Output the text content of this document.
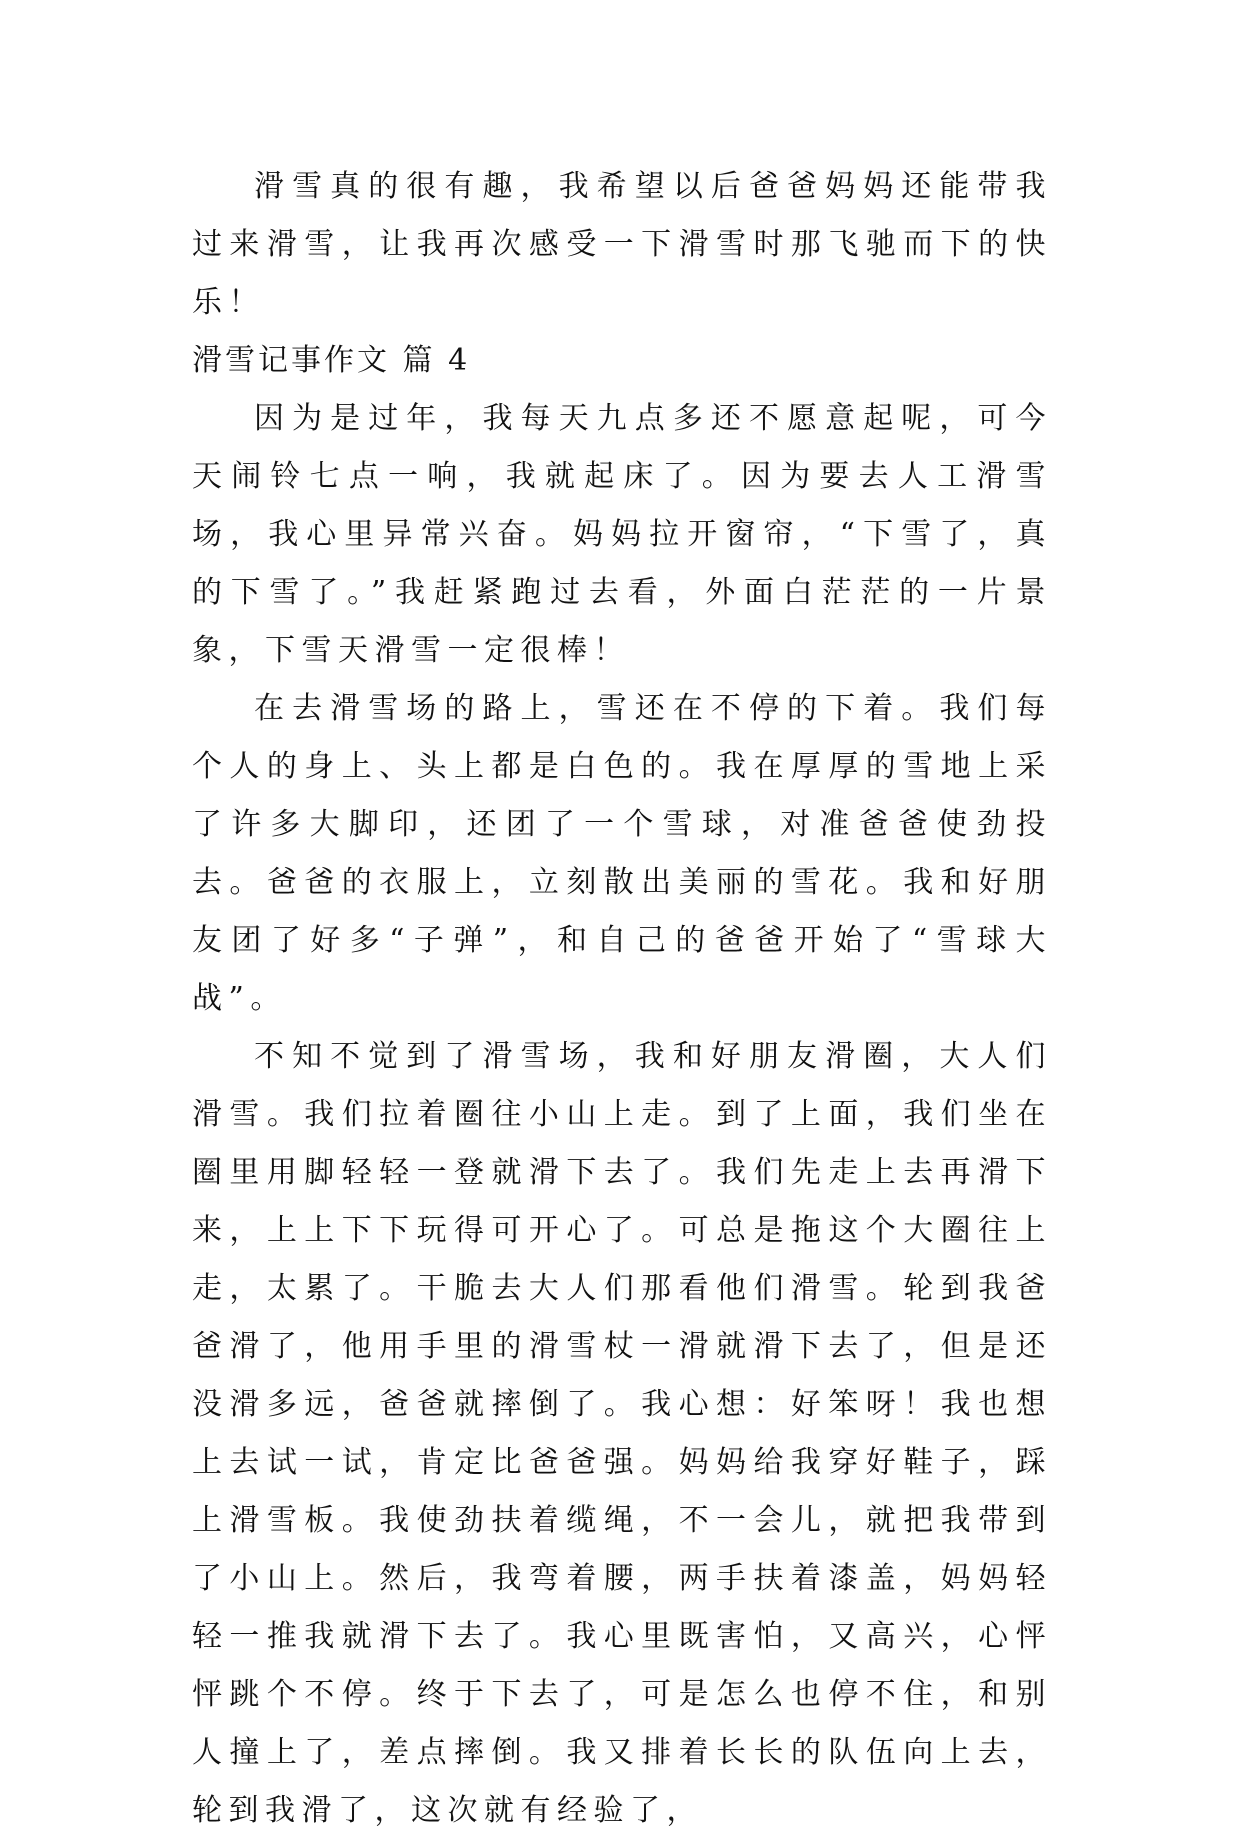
滑雪真的很有趣，我希望以后爸爸妈妈还能带我过来滑雪，让我再次感受一下滑雪时那飞驰而下的快乐！

滑雪记事作文 篇 4

因为是过年，我每天九点多还不愿意起呢，可今天闹铃七点一响，我就起床了。因为要去人工滑雪场，我心里异常兴奋。妈妈拉开窗帘，“下雪了，真的下雪了。”我赶紧跑过去看，外面白茫茫的一片景象，下雪天滑雪一定很棒！

在去滑雪场的路上，雪还在不停的下着。我们每个人的身上、头上都是白色的。我在厚厚的雪地上采了许多大脚印，还团了一个雪球，对准爸爸使劲投去。爸爸的衣服上，立刻散出美丽的雪花。我和好朋友团了好多“子弹”，和自己的爸爸开始了“雪球大战”。

不知不觉到了滑雪场，我和好朋友滑圈，大人们滑雪。我们拉着圈往小山上走。到了上面，我们坐在圈里用脚轻轻一登就滑下去了。我们先走上去再滑下来，上上下下玩得可开心了。可总是拖这个大圈往上走，太累了。干脆去大人们那看他们滑雪。轮到我爸爸滑了，他用手里的滑雪杖一滑就滑下去了，但是还没滑多远，爸爸就摔倒了。我心想：好笨呀！我也想上去试一试，肯定比爸爸强。妈妈给我穿好鞋子，踩上滑雪板。我使劲扶着缆绳，不一会儿，就把我带到了小山上。然后，我弯着腰，两手扶着漆盖，妈妈轻轻一推我就滑下去了。我心里既害怕，又高兴，心怦怦跳个不停。终于下去了，可是怎么也停不住，和别人撞上了，差点摔倒。我又排着长长的队伍向上去，轮到我滑了，这次就有经验了，
